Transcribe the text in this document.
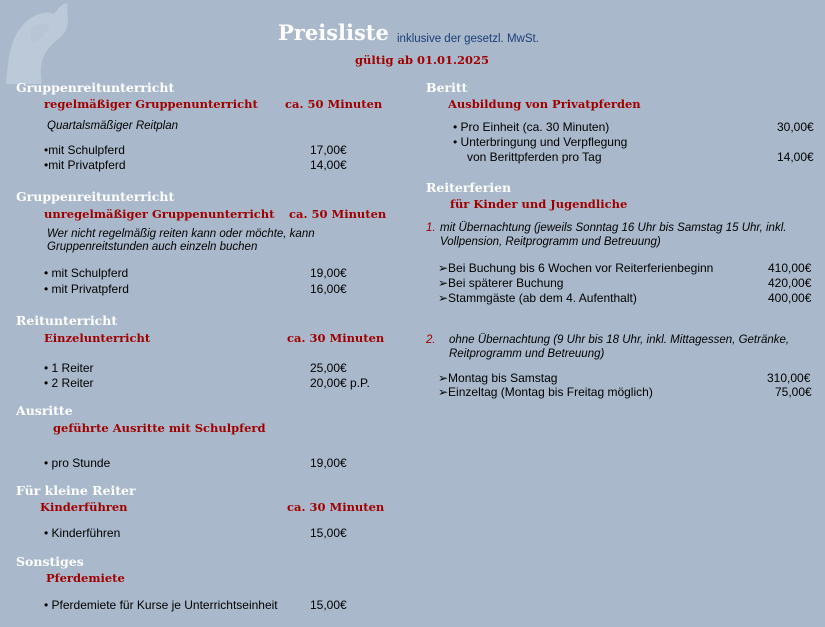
Preisliste inklusive der gesetzl. MwSt.
gültig ab 01.01.2025
Gruppenreitunterricht
regelmäßiger Gruppenunterricht ca. 50 Minuten
Quartalsmäßiger Reitplan
•mit Schulpferd	17,00€
•mit Privatpferd	14,00€
Gruppenreitunterricht
unregelmäßiger Gruppenunterricht ca. 50 Minuten
Wer nicht regelmäßig reiten kann oder möchte, kann
Gruppenreitstunden auch einzeln buchen
• mit Schulpferd	19,00€
• mit Privatpferd	16,00€
Reitunterricht
Einzelunterricht	ca. 30 Minuten
• 1 Reiter	25,00€
• 2 Reiter	20,00€ p.P.
Ausritte
geführte Ausritte mit Schulpferd
• pro Stunde	19,00€
Für kleine Reiter
Kinderführen	ca. 30 Minuten
• Kinderführen	15,00€
Sonstiges
Pferdemiete
• Pferdemiete für Kurse je Unterrichtseinheit	15,00€
Beritt
Ausbildung von Privatpferden
• Pro Einheit (ca. 30 Minuten)	30,00€
• Unterbringung und Verpflegung
von Berittpferden pro Tag	14,00€
Reiterferien
für Kinder und Jugendliche
1. mit Übernachtung (jeweils Sonntag 16 Uhr bis Samstag 15 Uhr, inkl.
Vollpension, Reitprogramm und Betreuung)
➢Bei Buchung bis 6 Wochen vor Reiterferienbeginn	410,00€
➢Bei späterer Buchung	420,00€
➢Stammgäste (ab dem 4. Aufenthalt)	400,00€
2. ohne Übernachtung (9 Uhr bis 18 Uhr, inkl. Mittagessen, Getränke,
Reitprogramm und Betreuung)
➢Montag bis Samstag	310,00€
➢Einzeltag (Montag bis Freitag möglich)	75,00€
